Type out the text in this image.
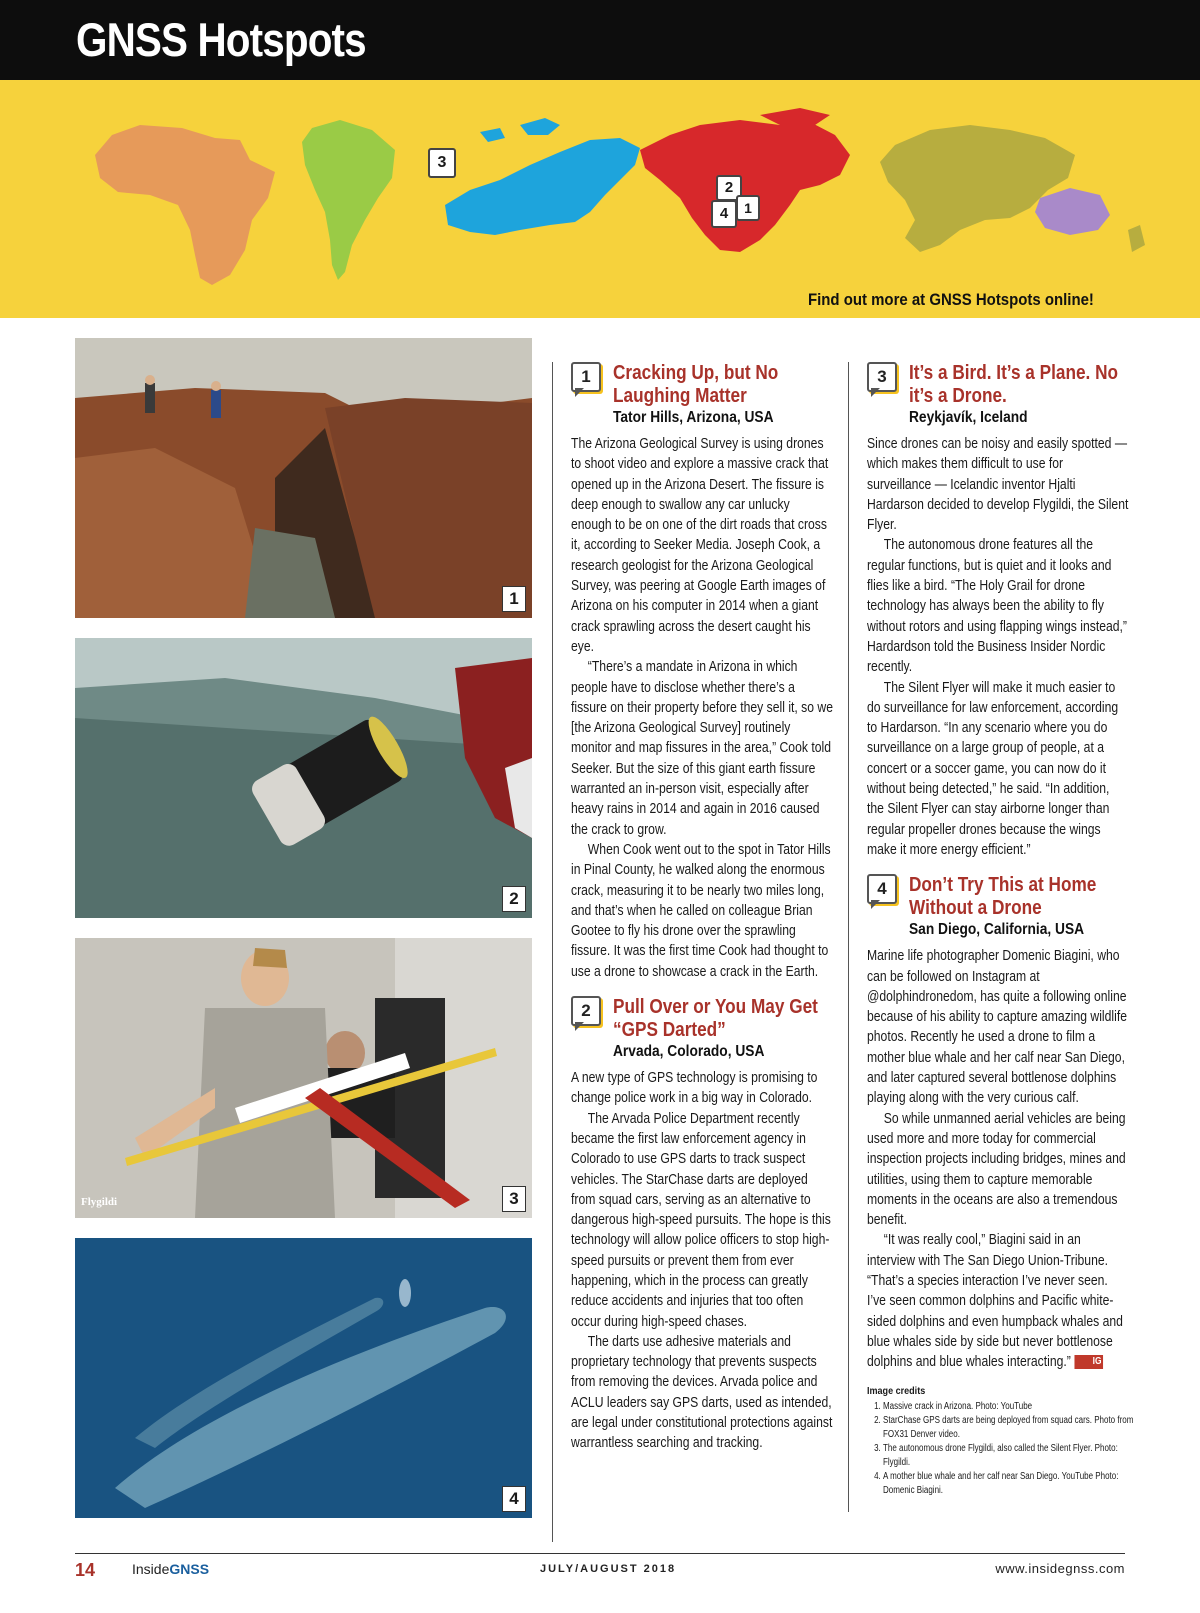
GNSS Hotspots
3
2
4	1
Find out more at GNSS Hotspots online!
1
2
Flygildi	3
4
1	Cracking Up, but No Laughing Matter
Tator Hills, Arizona, USA

The Arizona Geological Survey is using drones to shoot video and explore a massive crack that opened up in the Arizona Desert. The fissure is deep enough to swallow any car unlucky enough to be on one of the dirt roads that cross it, according to Seeker Media. Joseph Cook, a research geologist for the Arizona Geological Survey, was peering at Google Earth images of Arizona on his computer in 2014 when a giant crack sprawling across the desert caught his eye.

“There’s a mandate in Arizona in which people have to disclose whether there’s a fissure on their property before they sell it, so we [the Arizona Geological Survey] routinely monitor and map fissures in the area,” Cook told Seeker. But the size of this giant earth fissure warranted an in-person visit, especially after heavy rains in 2014 and again in 2016 caused the crack to grow.

When Cook went out to the spot in Tator Hills in Pinal County, he walked along the enormous crack, measuring it to be nearly two miles long, and that’s when he called on colleague Brian Gootee to fly his drone over the sprawling fissure. It was the first time Cook had thought to use a drone to showcase a crack in the Earth.

2	Pull Over or You May Get “GPS Darted”
Arvada, Colorado, USA

A new type of GPS technology is promising to change police work in a big way in Colorado.

The Arvada Police Department recently became the first law enforcement agency in Colorado to use GPS darts to track suspect vehicles. The StarChase darts are deployed from squad cars, serving as an alternative to dangerous high-speed pursuits. The hope is this technology will allow police officers to stop high-speed pursuits or prevent them from ever happening, which in the process can greatly reduce accidents and injuries that too often occur during high-speed chases.

The darts use adhesive materials and proprietary technology that prevents suspects from removing the devices. Arvada police and ACLU leaders say GPS darts, used as intended, are legal under constitutional protections against warrantless searching and tracking.

3	It’s a Bird. It’s a Plane. No it’s a Drone.
Reykjavík, Iceland

Since drones can be noisy and easily spotted — which makes them difficult to use for surveillance — Icelandic inventor Hjalti Hardarson decided to develop Flygildi, the Silent Flyer.

The autonomous drone features all the regular functions, but is quiet and it looks and flies like a bird. “The Holy Grail for drone technology has always been the ability to fly without rotors and using flapping wings instead,” Hardardson told the Business Insider Nordic recently.

The Silent Flyer will make it much easier to do surveillance for law enforcement, according to Hardarson. “In any scenario where you do surveillance on a large group of people, at a concert or a soccer game, you can now do it without being detected,” he said. “In addition, the Silent Flyer can stay airborne longer than regular propeller drones because the wings make it more energy efficient.”

4	Don’t Try This at Home Without a Drone
San Diego, California, USA

Marine life photographer Domenic Biagini, who can be followed on Instagram at @dolphindronedom, has quite a following online because of his ability to capture amazing wildlife photos. Recently he used a drone to film a mother blue whale and her calf near San Diego, and later captured several bottlenose dolphins playing along with the very curious calf.

So while unmanned aerial vehicles are being used more and more today for commercial inspection projects including bridges, mines and utilities, using them to capture memorable moments in the oceans are also a tremendous benefit.

“It was really cool,” Biagini said in an interview with The San Diego Union-Tribune. “That’s a species interaction I’ve never seen. I’ve seen common dolphins and Pacific white-sided dolphins and even humpback whales and blue whales side by side but never bottlenose dolphins and blue whales interacting.” IG

Image credits
1. Massive crack in Arizona. Photo: YouTube
2. StarChase GPS darts are being deployed from squad cars. Photo from FOX31 Denver video.
3. The autonomous drone Flygildi, also called the Silent Flyer. Photo: Flygildi.
4. A mother blue whale and her calf near San Diego. YouTube Photo: Domenic Biagini.
14	InsideGNSS	JULY/AUGUST 2018	www.insidegnss.com
